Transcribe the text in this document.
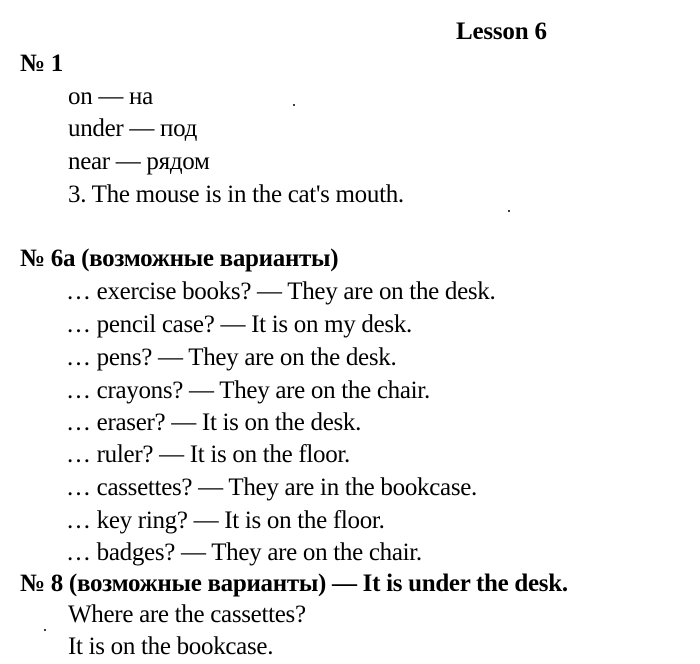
Lesson 6
№ 1
on — на
under — под
near — рядом
3. The mouse is in the cat's mouth.
№ 6а (возможные варианты)
… exercise books? — They are on the desk.
… pencil case? — It is on my desk.
… pens? — They are on the desk.
… crayons? — They are on the chair.
… eraser? — It is on the desk.
… ruler? — It is on the floor.
… cassettes? — They are in the bookcase.
… key ring? — It is on the floor.
… badges? — They are on the chair.
№ 8 (возможные варианты) — It is under the desk.
Where are the cassettes?
It is on the bookcase.
